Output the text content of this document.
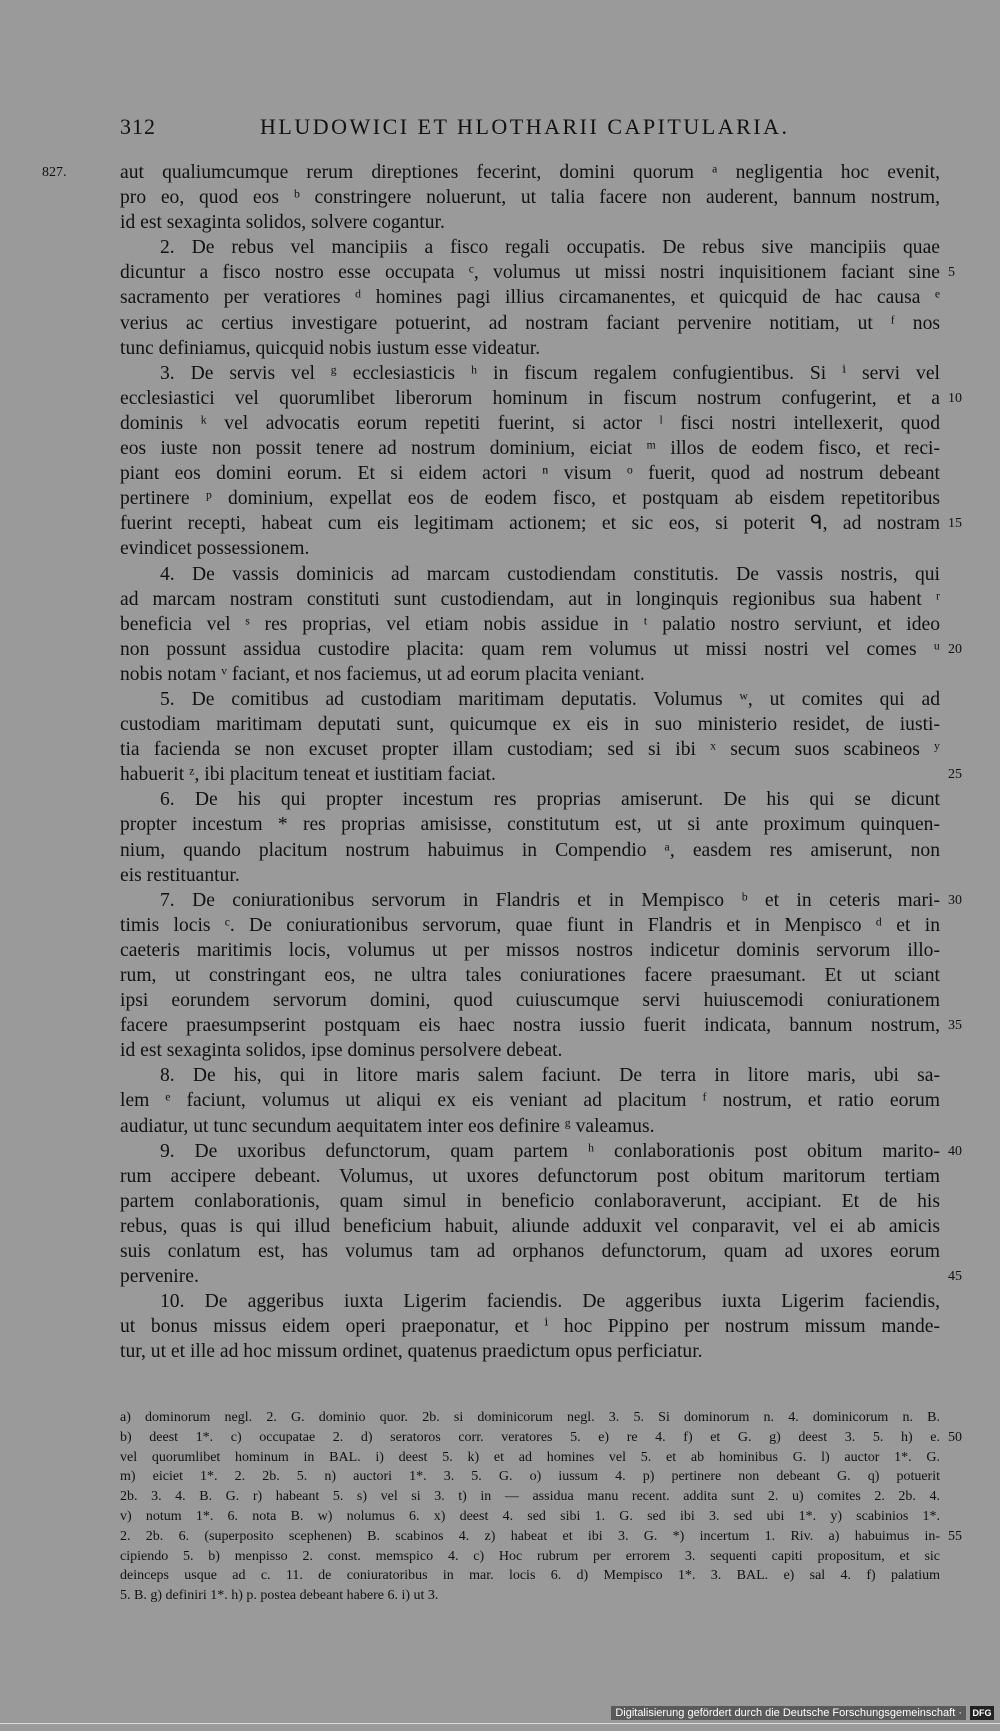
312	HLUDOWICI ET HLOTHARII CAPITULARIA.
827.	aut qualiumcumque rerum direptiones fecerint, domini quorum ᵃ negligentia hoc evenit,
pro eo, quod eos ᵇ constringere noluerunt, ut talia facere non auderent, bannum nostrum,
id est sexaginta solidos, solvere cogantur.
2. De rebus vel mancipiis a fisco regali occupatis. De rebus sive mancipiis quae
dicuntur a fisco nostro esse occupata ᶜ, volumus ut missi nostri inquisitionem faciant sine 5
sacramento per veratiores ᵈ homines pagi illius circamanentes, et quicquid de hac causa ᵉ
verius ac certius investigare potuerint, ad nostram faciant pervenire notitiam, ut ᶠ nos
tunc definiamus, quicquid nobis iustum esse videatur.
3. De servis vel ᵍ ecclesiasticis ʰ in fiscum regalem confugientibus. Si ⁱ servi vel
ecclesiastici vel quorumlibet liberorum hominum in fiscum nostrum confugerint, et a 10
dominis ᵏ vel advocatis eorum repetiti fuerint, si actor ˡ fisci nostri intellexerit, quod
eos iuste non possit tenere ad nostrum dominium, eiciat ᵐ illos de eodem fisco, et reci-
piant eos domini eorum. Et si eidem actori ⁿ visum ᵒ fuerit, quod ad nostrum debeant
pertinere ᵖ dominium, expellat eos de eodem fisco, et postquam ab eisdem repetitoribus
fuerint recepti, habeat cum eis legitimam actionem; et sic eos, si poterit ᑫ, ad nostram 15
evindicet possessionem.
4. De vassis dominicis ad marcam custodiendam constitutis. De vassis nostris, qui
ad marcam nostram constituti sunt custodiendam, aut in longinquis regionibus sua habent ʳ
beneficia vel ˢ res proprias, vel etiam nobis assidue in ᵗ palatio nostro serviunt, et ideo
non possunt assidua custodire placita: quam rem volumus ut missi nostri vel comes ᵘ 20
nobis notam ᵛ faciant, et nos faciemus, ut ad eorum placita veniant.
5. De comitibus ad custodiam maritimam deputatis. Volumus ʷ, ut comites qui ad
custodiam maritimam deputati sunt, quicumque ex eis in suo ministerio residet, de iusti-
tia facienda se non excuset propter illam custodiam; sed si ibi ˣ secum suos scabineos ʸ
habuerit ᶻ, ibi placitum teneat et iustitiam faciat.	25
6. De his qui propter incestum res proprias amiserunt. De his qui se dicunt
propter incestum * res proprias amisisse, constitutum est, ut si ante proximum quinquen-
nium, quando placitum nostrum habuimus in Compendio ᵃ, easdem res amiserunt, non
eis restituantur.
7. De coniurationibus servorum in Flandris et in Mempisco ᵇ et in ceteris mari- 30
timis locis ᶜ. De coniurationibus servorum, quae fiunt in Flandris et in Menpisco ᵈ et in
caeteris maritimis locis, volumus ut per missos nostros indicetur dominis servorum illo-
rum, ut constringant eos, ne ultra tales coniurationes facere praesumant. Et ut sciant
ipsi eorundem servorum domini, quod cuiuscumque servi huiuscemodi coniurationem
facere praesumpserint postquam eis haec nostra iussio fuerit indicata, bannum nostrum, 35
id est sexaginta solidos, ipse dominus persolvere debeat.
8. De his, qui in litore maris salem faciunt. De terra in litore maris, ubi sa-
lem ᵉ faciunt, volumus ut aliqui ex eis veniant ad placitum ᶠ nostrum, et ratio eorum
audiatur, ut tunc secundum aequitatem inter eos definire ᵍ valeamus.
9. De uxoribus defunctorum, quam partem ʰ conlaborationis post obitum marito- 40
rum accipere debeant. Volumus, ut uxores defunctorum post obitum maritorum tertiam
partem conlaborationis, quam simul in beneficio conlaboraverunt, accipiant. Et de his
rebus, quas is qui illud beneficium habuit, aliunde adduxit vel conparavit, vel ei ab amicis
suis conlatum est, has volumus tam ad orphanos defunctorum, quam ad uxores eorum
pervenire.	45
10. De aggeribus iuxta Ligerim faciendis. De aggeribus iuxta Ligerim faciendis,
ut bonus missus eidem operi praeponatur, et ⁱ hoc Pippino per nostrum missum mande-
tur, ut et ille ad hoc missum ordinet, quatenus praedictum opus perficiatur.
a) dominorum negl. 2. G. dominio quor. 2b. si dominicorum negl. 3. 5. Si dominorum n. 4. dominicorum n. B.
b) deest 1*. c) occupatae 2. d) seratoros corr. veratores 5. e) re 4. f) et G. g) deest 3. 5. h) e. 50
vel quorumlibet hominum in BAL. i) deest 5. k) et ad homines vel 5. et ab hominibus G. l) auctor 1*. G.
m) eiciet 1*. 2. 2b. 5. n) auctori 1*. 3. 5. G. o) iussum 4. p) pertinere non debeant G. q) potuerit
2b. 3. 4. B. G. r) habeant 5. s) vel si 3. t) in — assidua manu recent. addita sunt 2. u) comites 2. 2b. 4.
v) notum 1*. 6. nota B. w) nolumus 6. x) deest 4. sed sibi 1. G. sed ibi 3. sed ubi 1*. y) scabinios 1*.
2. 2b. 6. (superposito scephenen) B. scabinos 4. z) habeat et ibi 3. G. *) incertum 1. Riv. a) habuimus in- 55
cipiendo 5. b) menpisso 2. const. memspico 4. c) Hoc rubrum per errorem 3. sequenti capiti propositum, et sic
deinceps usque ad c. 11. de coniuratoribus in mar. locis 6. d) Mempisco 1*. 3. BAL. e) sal 4. f) palatium
5. B. g) definiri 1*. h) p. postea debeant habere 6. i) ut 3.
Digitalisierung gefördert durch die Deutsche Forschungsgemeinschaft ·	DFG
